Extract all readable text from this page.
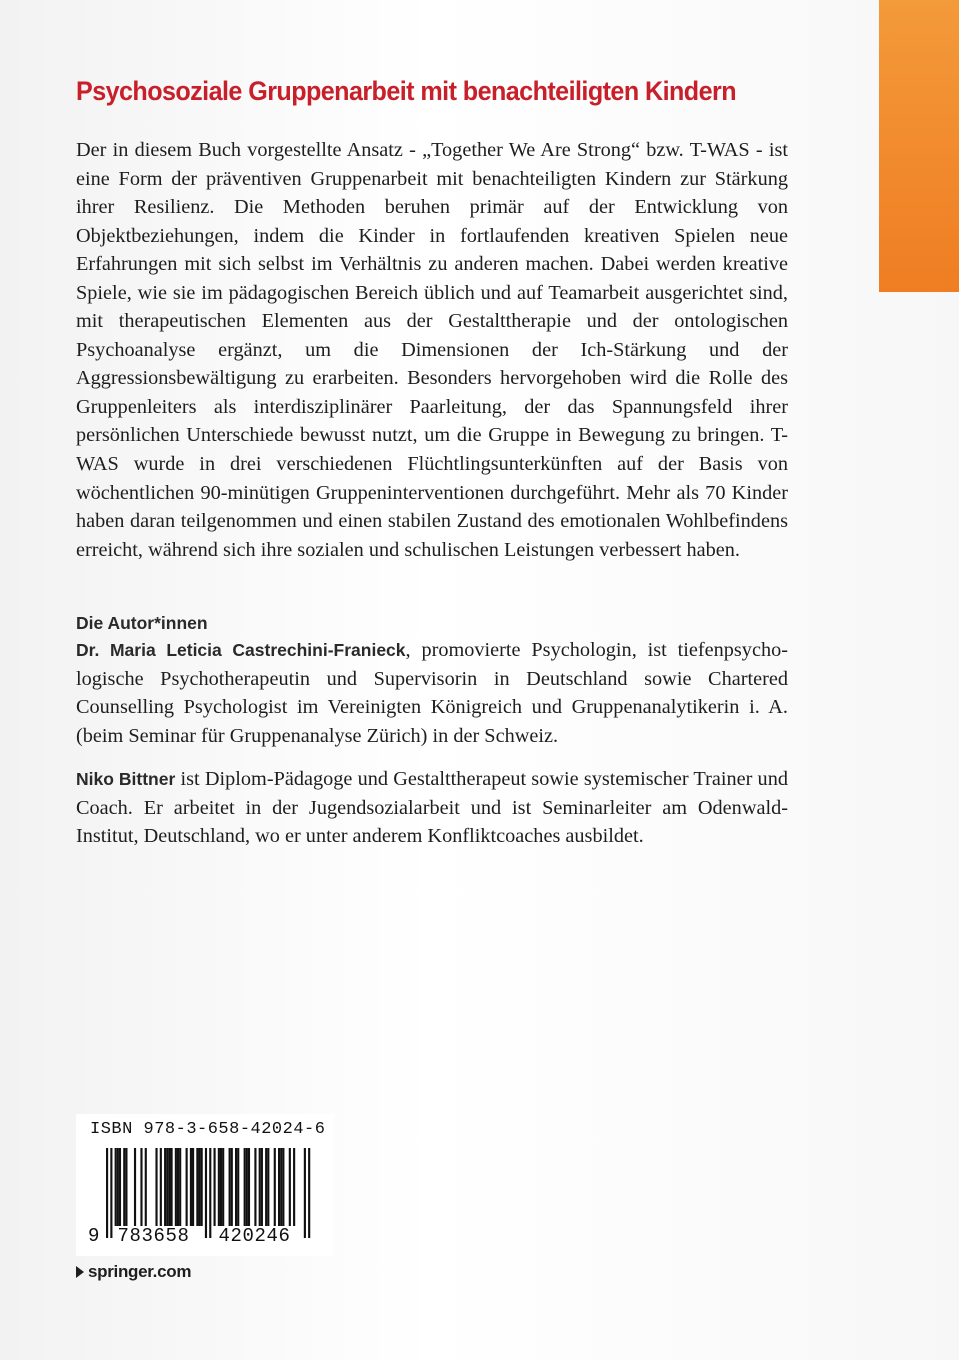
Psychosoziale Gruppenarbeit mit benachteiligten Kindern

Der in diesem Buch vorgestellte Ansatz - „Together We Are Strong“ bzw. T-WAS - ist eine Form der präventiven Gruppenarbeit mit benachteiligten Kindern zur Stärkung ihrer Resilienz. Die Methoden beruhen primär auf der Entwicklung von Objektbeziehungen, indem die Kinder in fortlaufenden kreativen Spielen neue Erfahrungen mit sich selbst im Verhältnis zu anderen machen. Dabei werden kreative Spiele, wie sie im pädagogischen Bereich üblich und auf Teamarbeit ausgerichtet sind, mit therapeutischen Elementen aus der Gestalttherapie und der ontologischen Psychoanalyse ergänzt, um die Dimensionen der Ich-Stärkung und der Aggressionsbewältigung zu erarbeiten. Besonders hervorgehoben wird die Rolle des Gruppenleiters als interdisziplinärer Paarleitung, der das Spannungsfeld ihrer persönlichen Unterschiede bewusst nutzt, um die Gruppe in Bewegung zu bringen. T-WAS wurde in drei verschiedenen Flüchtlingsunterkünften auf der Basis von wöchentlichen 90-minütigen Gruppeninterventionen durchgeführt. Mehr als 70 Kinder haben daran teilgenommen und einen stabilen Zustand des emotionalen Wohlbefindens erreicht, während sich ihre sozialen und schulischen Leistungen verbessert haben.

Die Autor*innen

Dr. Maria Leticia Castrechini-Franieck, promovierte Psychologin, ist tiefenpsychologische Psychotherapeutin und Supervisorin in Deutschland sowie Chartered Counselling Psychologist im Vereinigten Königreich und Gruppenanalytikerin i. A. (beim Seminar für Gruppenanalyse Zürich) in der Schweiz.

Niko Bittner ist Diplom-Pädagoge und Gestalttherapeut sowie systemischer Trainer und Coach. Er arbeitet in der Jugendsozialarbeit und ist Seminarleiter am Odenwald-Institut, Deutschland, wo er unter anderem Konfliktcoaches ausbildet.

ISBN 978-3-658-42024-6

9 783658	420246

springer.com
